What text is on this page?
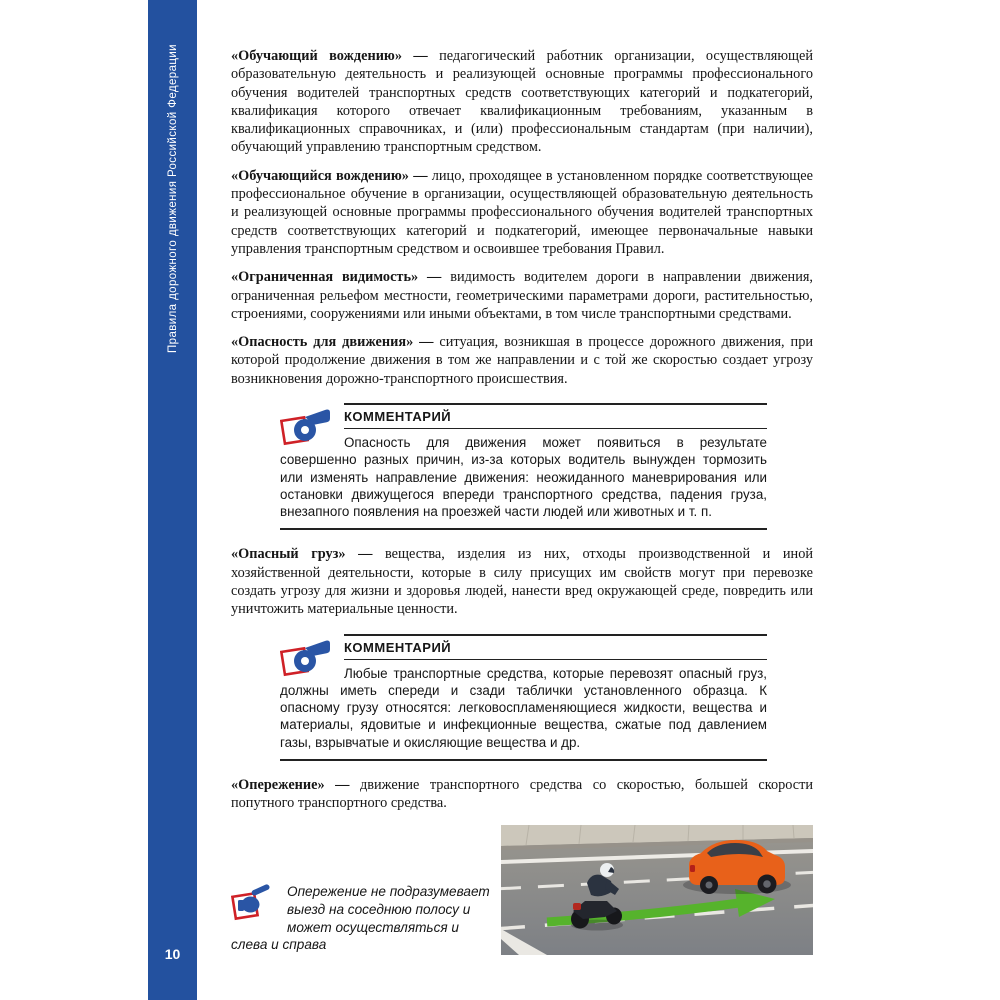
Правила дорожного движения Российской Федерации
10

«Обучающий вождению» — педагогический работник организации, осуществляющей образовательную деятельность и реализующей основные программы профессионального обучения водителей транспортных средств соответствующих категорий и подкатегорий, квалификация которого отвечает квалификационным требованиям, указанным в квалификационных справочниках, и (или) профессиональным стандартам (при наличии), обучающий управлению транспортным средством.

«Обучающийся вождению» — лицо, проходящее в установленном порядке соответствующее профессиональное обучение в организации, осуществляющей образовательную деятельность и реализующей основные программы профессионального обучения водителей транспортных средств соответствующих категорий и подкатегорий, имеющее первоначальные навыки управления транспортным средством и освоившее требования Правил.

«Ограниченная видимость» — видимость водителем дороги в направлении движения, ограниченная рельефом местности, геометрическими параметрами дороги, растительностью, строениями, сооружениями или иными объектами, в том числе транспортными средствами.

«Опасность для движения» — ситуация, возникшая в процессе дорожного движения, при которой продолжение движения в том же направлении и с той же скоростью создает угрозу возникновения дорожно-транспортного происшествия.

КОММЕНТАРИЙ
Опасность для движения может появиться в результате совершенно разных причин, из-за которых водитель вынужден тормозить или изменять направление движения: неожиданного маневрирования или остановки движущегося впереди транспортного средства, падения груза, внезапного появления на проезжей части людей или животных и т. п.

«Опасный груз» — вещества, изделия из них, отходы производственной и иной хозяйственной деятельности, которые в силу присущих им свойств могут при перевозке создать угрозу для жизни и здоровья людей, нанести вред окружающей среде, повредить или уничтожить материальные ценности.

КОММЕНТАРИЙ
Любые транспортные средства, которые перевозят опасный груз, должны иметь спереди и сзади таблички установленного образца. К опасному грузу относятся: легковоспламеняющиеся жидкости, вещества и материалы, ядовитые и инфекционные вещества, сжатые под давлением газы, взрывчатые и окисляющие вещества и др.

«Опережение» — движение транспортного средства со скоростью, большей скорости попутного транспортного средства.

Опережение не подразумевает выезд на соседнюю полосу и может осуществляться и слева и справа
